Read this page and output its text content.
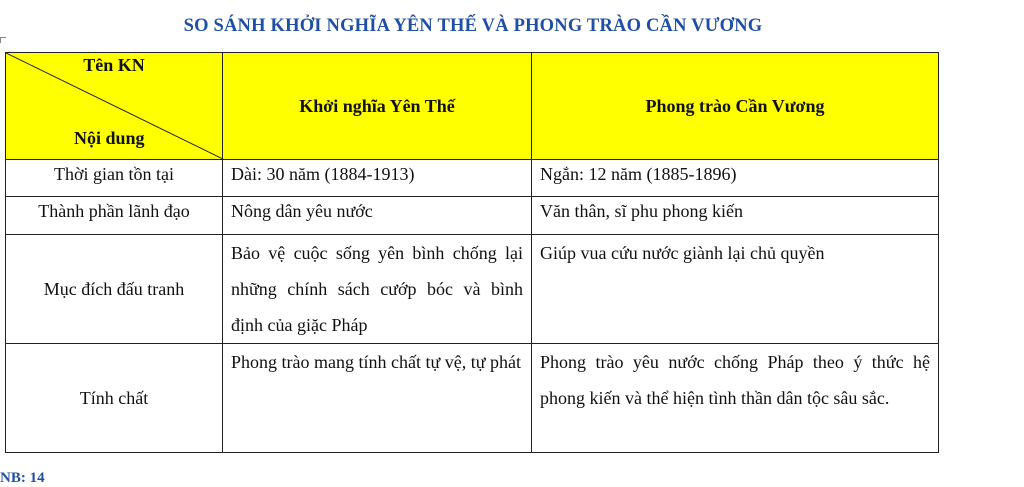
SO SÁNH KHỞI NGHĨA YÊN THẾ VÀ PHONG TRÀO CẦN VƯƠNG
Tên KN
Nội dung	Khởi nghĩa Yên Thế	Phong trào Cần Vương
Thời gian tồn tại	Dài: 30 năm (1884-1913)	Ngắn: 12 năm (1885-1896)
Thành phần lãnh đạo	Nông dân yêu nước	Văn thân, sĩ phu phong kiến
Mục đích đấu tranh	Bảo vệ cuộc sống yên bình chống lại những chính sách cướp bóc và bình định của giặc Pháp	Giúp vua cứu nước giành lại chủ quyền
Tính chất	Phong trào mang tính chất tự vệ, tự phát	Phong trào yêu nước chống Pháp theo ý thức hệ phong kiến và thể hiện tình thần dân tộc sâu sắc.
NB: 14
